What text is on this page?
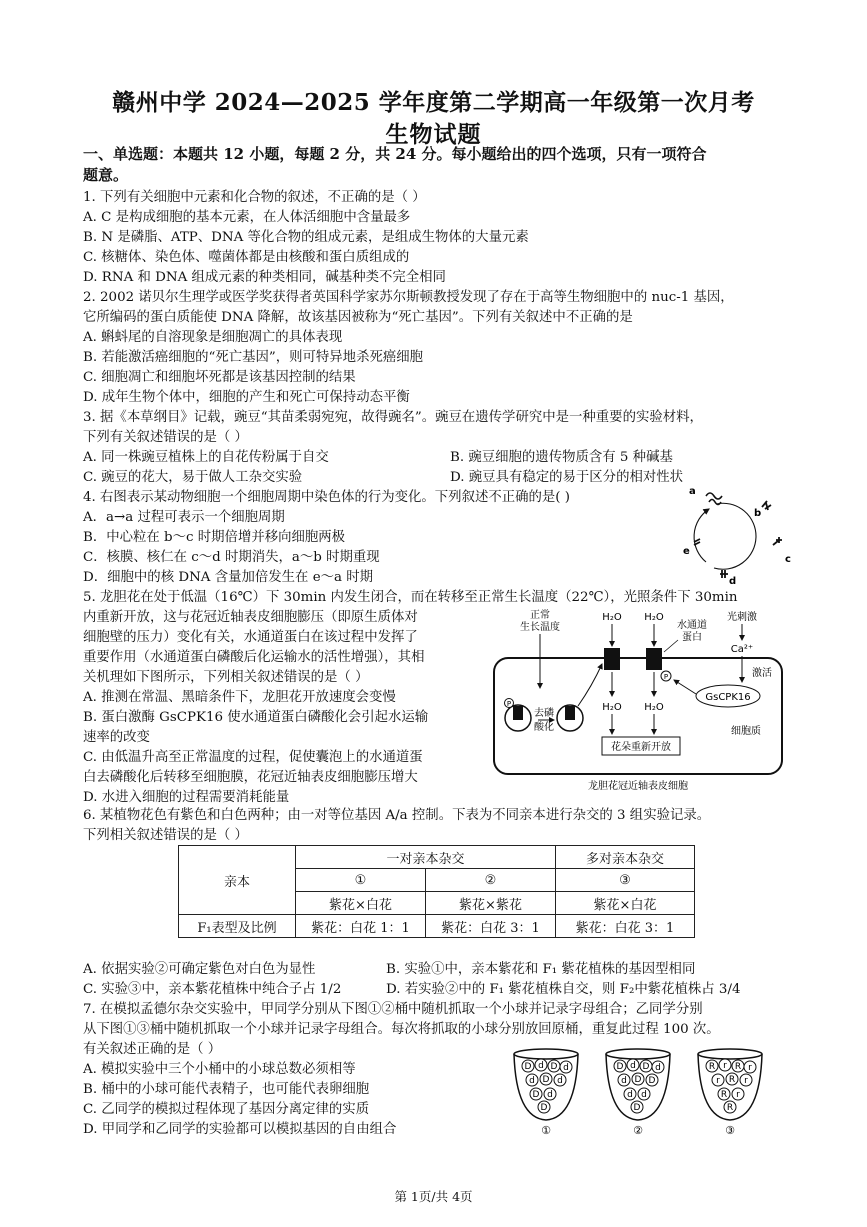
赣州中学 2024—2025 学年度第二学期高一年级第一次月考
生物试题
一、单选题：本题共 12 小题，每题 2 分，共 24 分。每小题给出的四个选项，只有一项符合
题意。
1. 下列有关细胞中元素和化合物的叙述，不正确的是（ ）
A. C 是构成细胞的基本元素，在人体活细胞中含量最多
B. N 是磷脂、ATP、DNA 等化合物的组成元素，是组成生物体的大量元素
C. 核糖体、染色体、噬菌体都是由核酸和蛋白质组成的
D. RNA 和 DNA 组成元素的种类相同，碱基种类不完全相同
2. 2002 诺贝尔生理学或医学奖获得者英国科学家苏尔斯顿教授发现了存在于高等生物细胞中的 nuc-1 基因，
它所编码的蛋白质能使 DNA 降解，故该基因被称为“死亡基因”。下列有关叙述中不正确的是
A. 蝌蚪尾的自溶现象是细胞凋亡的具体表现
B. 若能激活癌细胞的“死亡基因”，则可特异地杀死癌细胞
C. 细胞凋亡和细胞坏死都是该基因控制的结果
D. 成年生物个体中，细胞的产生和死亡可保持动态平衡
3. 据《本草纲目》记载，豌豆“其苗柔弱宛宛，故得豌名”。豌豆在遗传学研究中是一种重要的实验材料，
下列有关叙述错误的是（ ）
A. 同一株豌豆植株上的自花传粉属于自交	B. 豌豆细胞的遗传物质含有 5 种碱基
C. 豌豆的花大，易于做人工杂交实验	D. 豌豆具有稳定的易于区分的相对性状
4. 右图表示某动物细胞一个细胞周期中染色体的行为变化。下列叙述不正确的是( )
A．a→a 过程可表示一个细胞周期
B．中心粒在 b～c 时期倍增并移向细胞两极
C．核膜、核仁在 c～d 时期消失，a～b 时期重现
D．细胞中的核 DNA 含量加倍发生在 e～a 时期
a
b
c
d
e
5. 龙胆花在处于低温（16℃）下 30min 内发生闭合，而在转移至正常生长温度（22℃），光照条件下 30min
内重新开放，这与花冠近轴表皮细胞膨压（即原生质体对
细胞壁的压力）变化有关，水通道蛋白在该过程中发挥了
重要作用（水通道蛋白磷酸后化运输水的活性增强），其相
关机理如下图所示，下列相关叙述错误的是（ ）
A. 推测在常温、黑暗条件下，龙胆花开放速度会变慢
B. 蛋白激酶 GsCPK16 使水通道蛋白磷酸化会引起水运输
速率的改变
C. 由低温升高至正常温度的过程，促使囊泡上的水通道蛋
白去磷酸化后转移至细胞膜，花冠近轴表皮细胞膨压增大
D. 水进入细胞的过程需要消耗能量
龙胆花冠近轴表皮细胞
细胞质
正常
生长温度
H₂O H₂O
水通道
蛋白
P
H₂O H₂O
花朵重新开放
P
去磷
酸化
光刺激
Ca²⁺
激活
GsCPK16
6. 某植物花色有紫色和白色两种；由一对等位基因 A/a 控制。下表为不同亲本进行杂交的 3 组实验记录。
下列相关叙述错误的是（ ）
亲本	一对亲本杂交		多对亲本杂交
	①	②	③
	紫花×白花	紫花×紫花	紫花×白花
F₁表型及比例	紫花：白花 1：1	紫花：白花 3：1	紫花：白花 3：1
A. 依据实验②可确定紫色对白色为显性	B. 实验①中，亲本紫花和 F₁ 紫花植株的基因型相同
C. 实验③中，亲本紫花植株中纯合子占 1/2	D. 若实验②中的 F₁ 紫花植株自交，则 F₂中紫花植株占 3/4
7. 在模拟孟德尔杂交实验中，甲同学分别从下图①②桶中随机抓取一个小球并记录字母组合；乙同学分别
从下图①③桶中随机抓取一个小球并记录字母组合。每次将抓取的小球分别放回原桶，重复此过程 100 次。
有关叙述正确的是（ ）
A. 模拟实验中三个小桶中的小球总数必须相等
B. 桶中的小球可能代表精子，也可能代表卵细胞
C. 乙同学的模拟过程体现了基因分离定律的实质
D. 甲同学和乙同学的实验都可以模拟基因的自由组合
D d D d
d D d
D d
D
①
D d D d
d D D
d d
D
②
R r R r
r R r
R r
R
③
第 1页/共 4页
